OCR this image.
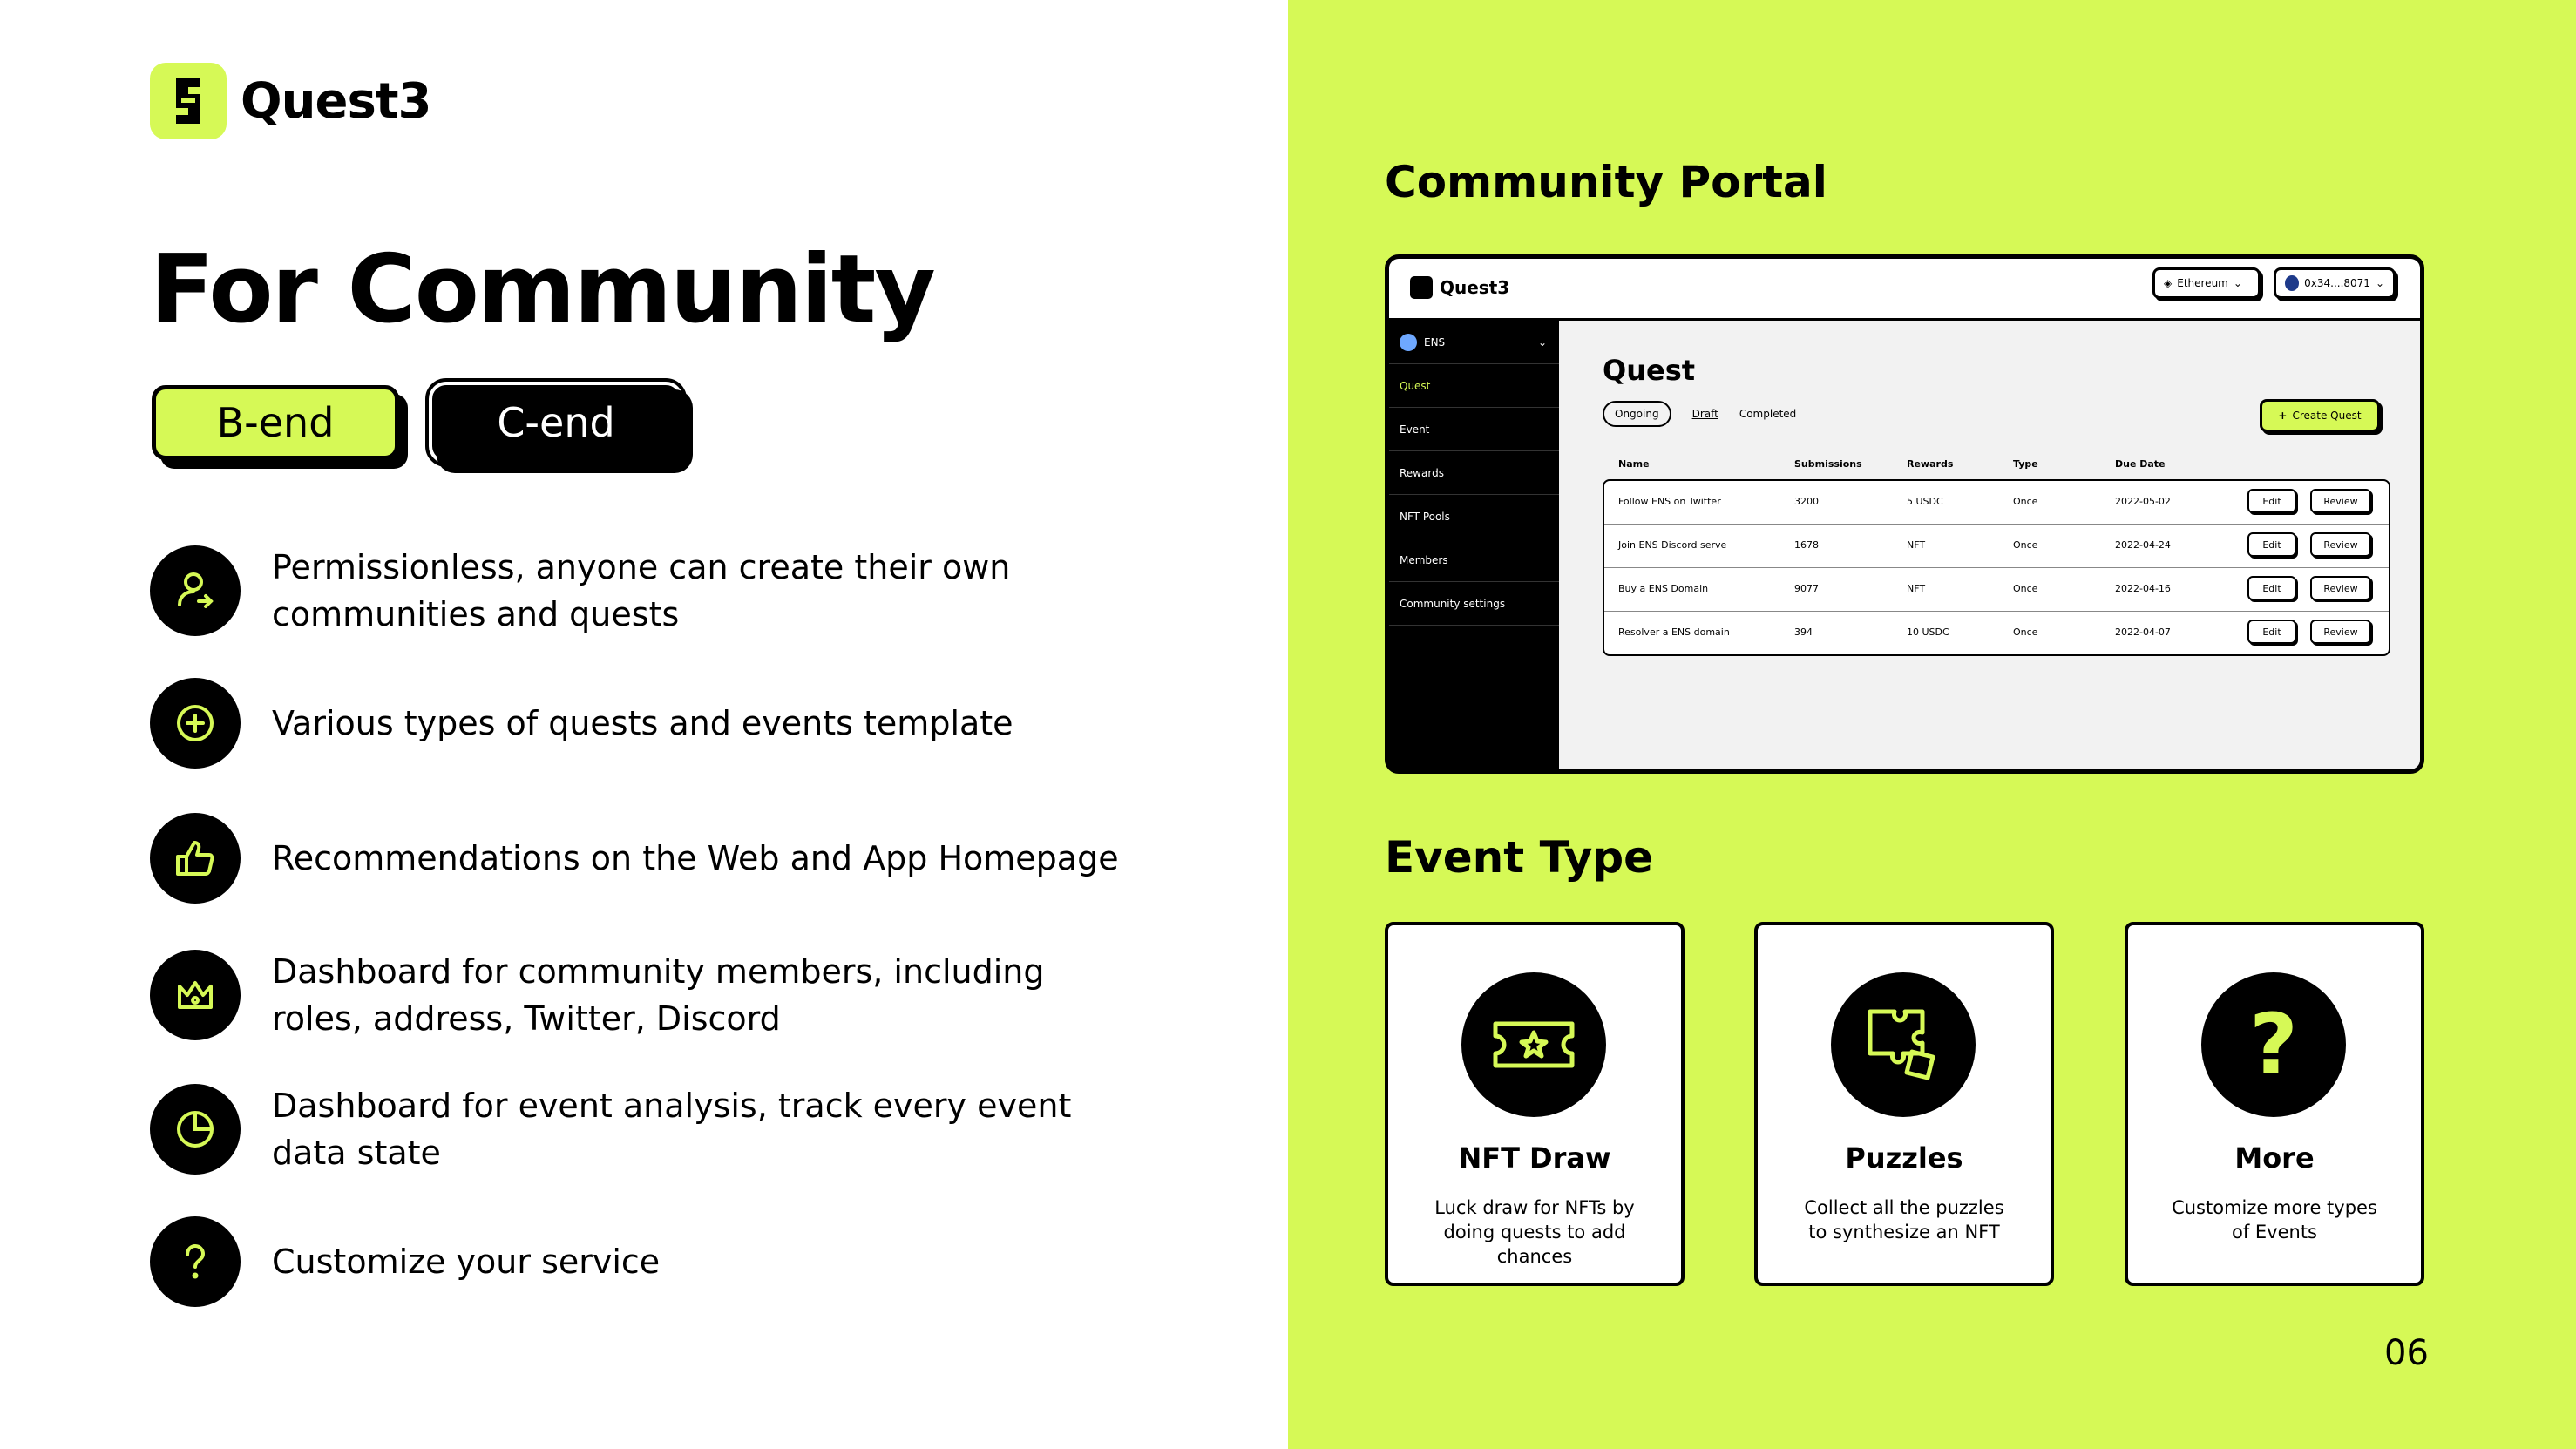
Quest3
For Community
B-end	C-end
Permissionless, anyone can create their own communities and quests
Various types of quests and events template
Recommendations on the Web and App Homepage
Dashboard for community members, including roles, address, Twitter, Discord
Dashboard for event analysis, track every event data state
Customize your service
Community Portal
Quest3	◈ Ethereum ⌄	0x34....8071 ⌄
ENS	⌄
Quest
Event
Rewards
NFT Pools
Members
Community settings
Quest
Ongoing	Draft Completed	+ Create Quest
Name	Submissions	Rewards	Type	Due Date
Follow ENS on Twitter	3200	5 USDC	Once	2022-05-02	Edit	Review
Join ENS Discord serve	1678	NFT	Once	2022-04-24	Edit	Review
Buy a ENS Domain	9077	NFT	Once	2022-04-16	Edit	Review
Resolver a ENS domain	394	10 USDC	Once	2022-04-07	Edit	Review
Event Type
NFT Draw
Luck draw for NFTs by doing quests to add chances
Puzzles
Collect all the puzzles to synthesize an NFT
?
More
Customize more types of Events
06
